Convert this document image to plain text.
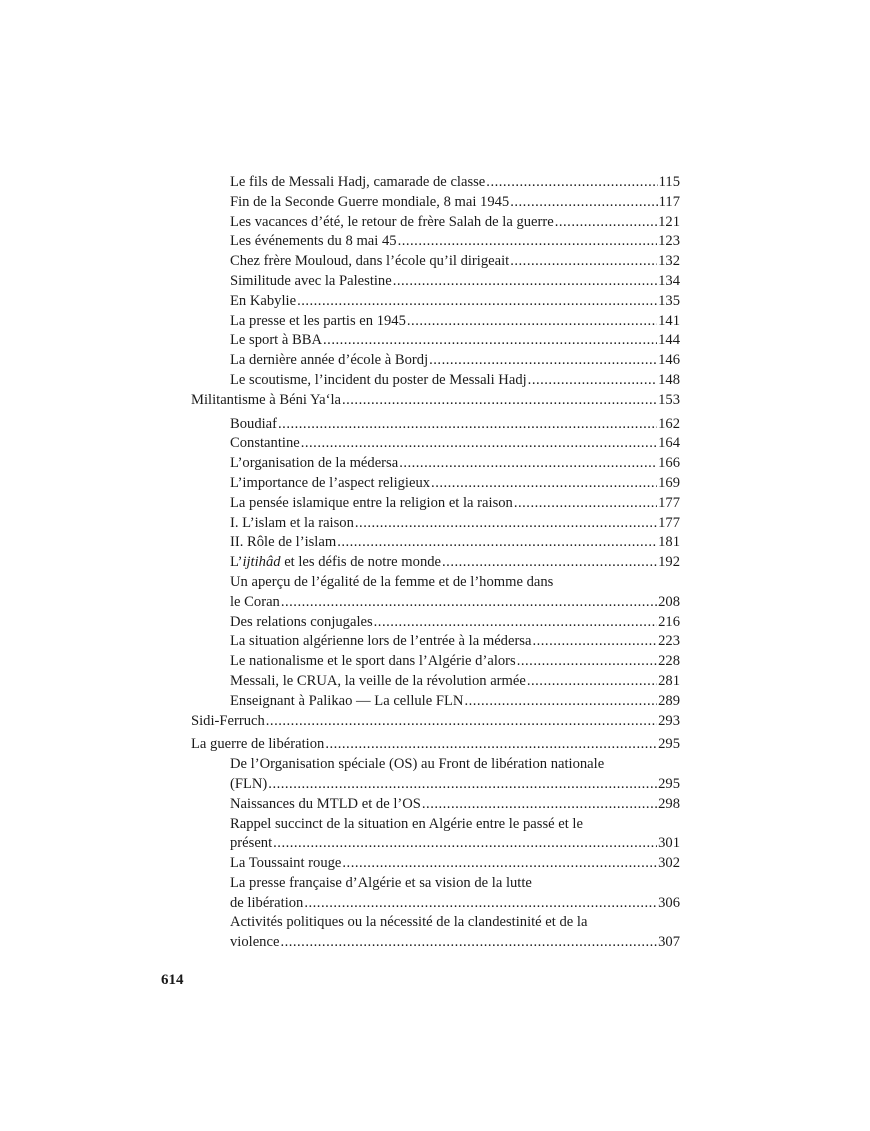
Le fils de Messali Hadj, camarade de classe .....	115
Fin de la Seconde Guerre mondiale, 8 mai 1945 .....	117
Les vacances d’été, le retour de frère Salah de la guerre .....	121
Les événements du 8 mai 45 .....	123
Chez frère Mouloud, dans l’école qu’il dirigeait .....	132
Similitude avec la Palestine .....	134
En Kabylie .....	135
La presse et les partis en 1945 .....	141
Le sport à BBA .....	144
La dernière année d’école à Bordj .....	146
Le scoutisme, l’incident du poster de Messali Hadj .....	148
Militantisme à Béni Ya‘la .....	153
Boudiaf .....	162
Constantine .....	164
L’organisation de la médersa .....	166
L’importance de l’aspect religieux .....	169
La pensée islamique entre la religion et la raison .....	177
I. L’islam et la raison .....	177
II. Rôle de l’islam .....	181
L’ijtihâd et les défis de notre monde .....	192
Un aperçu de l’égalité de la femme et de l’homme dans
le Coran .....	208
Des relations conjugales .....	216
La situation algérienne lors de l’entrée à la médersa .....	223
Le nationalisme et le sport dans l’Algérie d’alors .....	228
Messali, le CRUA, la veille de la révolution armée .....	281
Enseignant à Palikao — La cellule FLN .....	289
Sidi-Ferruch .....	293
La guerre de libération .....	295
De l’Organisation spéciale (OS) au Front de libération nationale
(FLN) .....	295
Naissances du MTLD et de l’OS .....	298
Rappel succinct de la situation en Algérie entre le passé et le
présent .....	301
La Toussaint rouge .....	302
La presse française d’Algérie et sa vision de la lutte
de libération .....	306
Activités politiques ou la nécessité de la clandestinité et de la
violence .....	307
614
